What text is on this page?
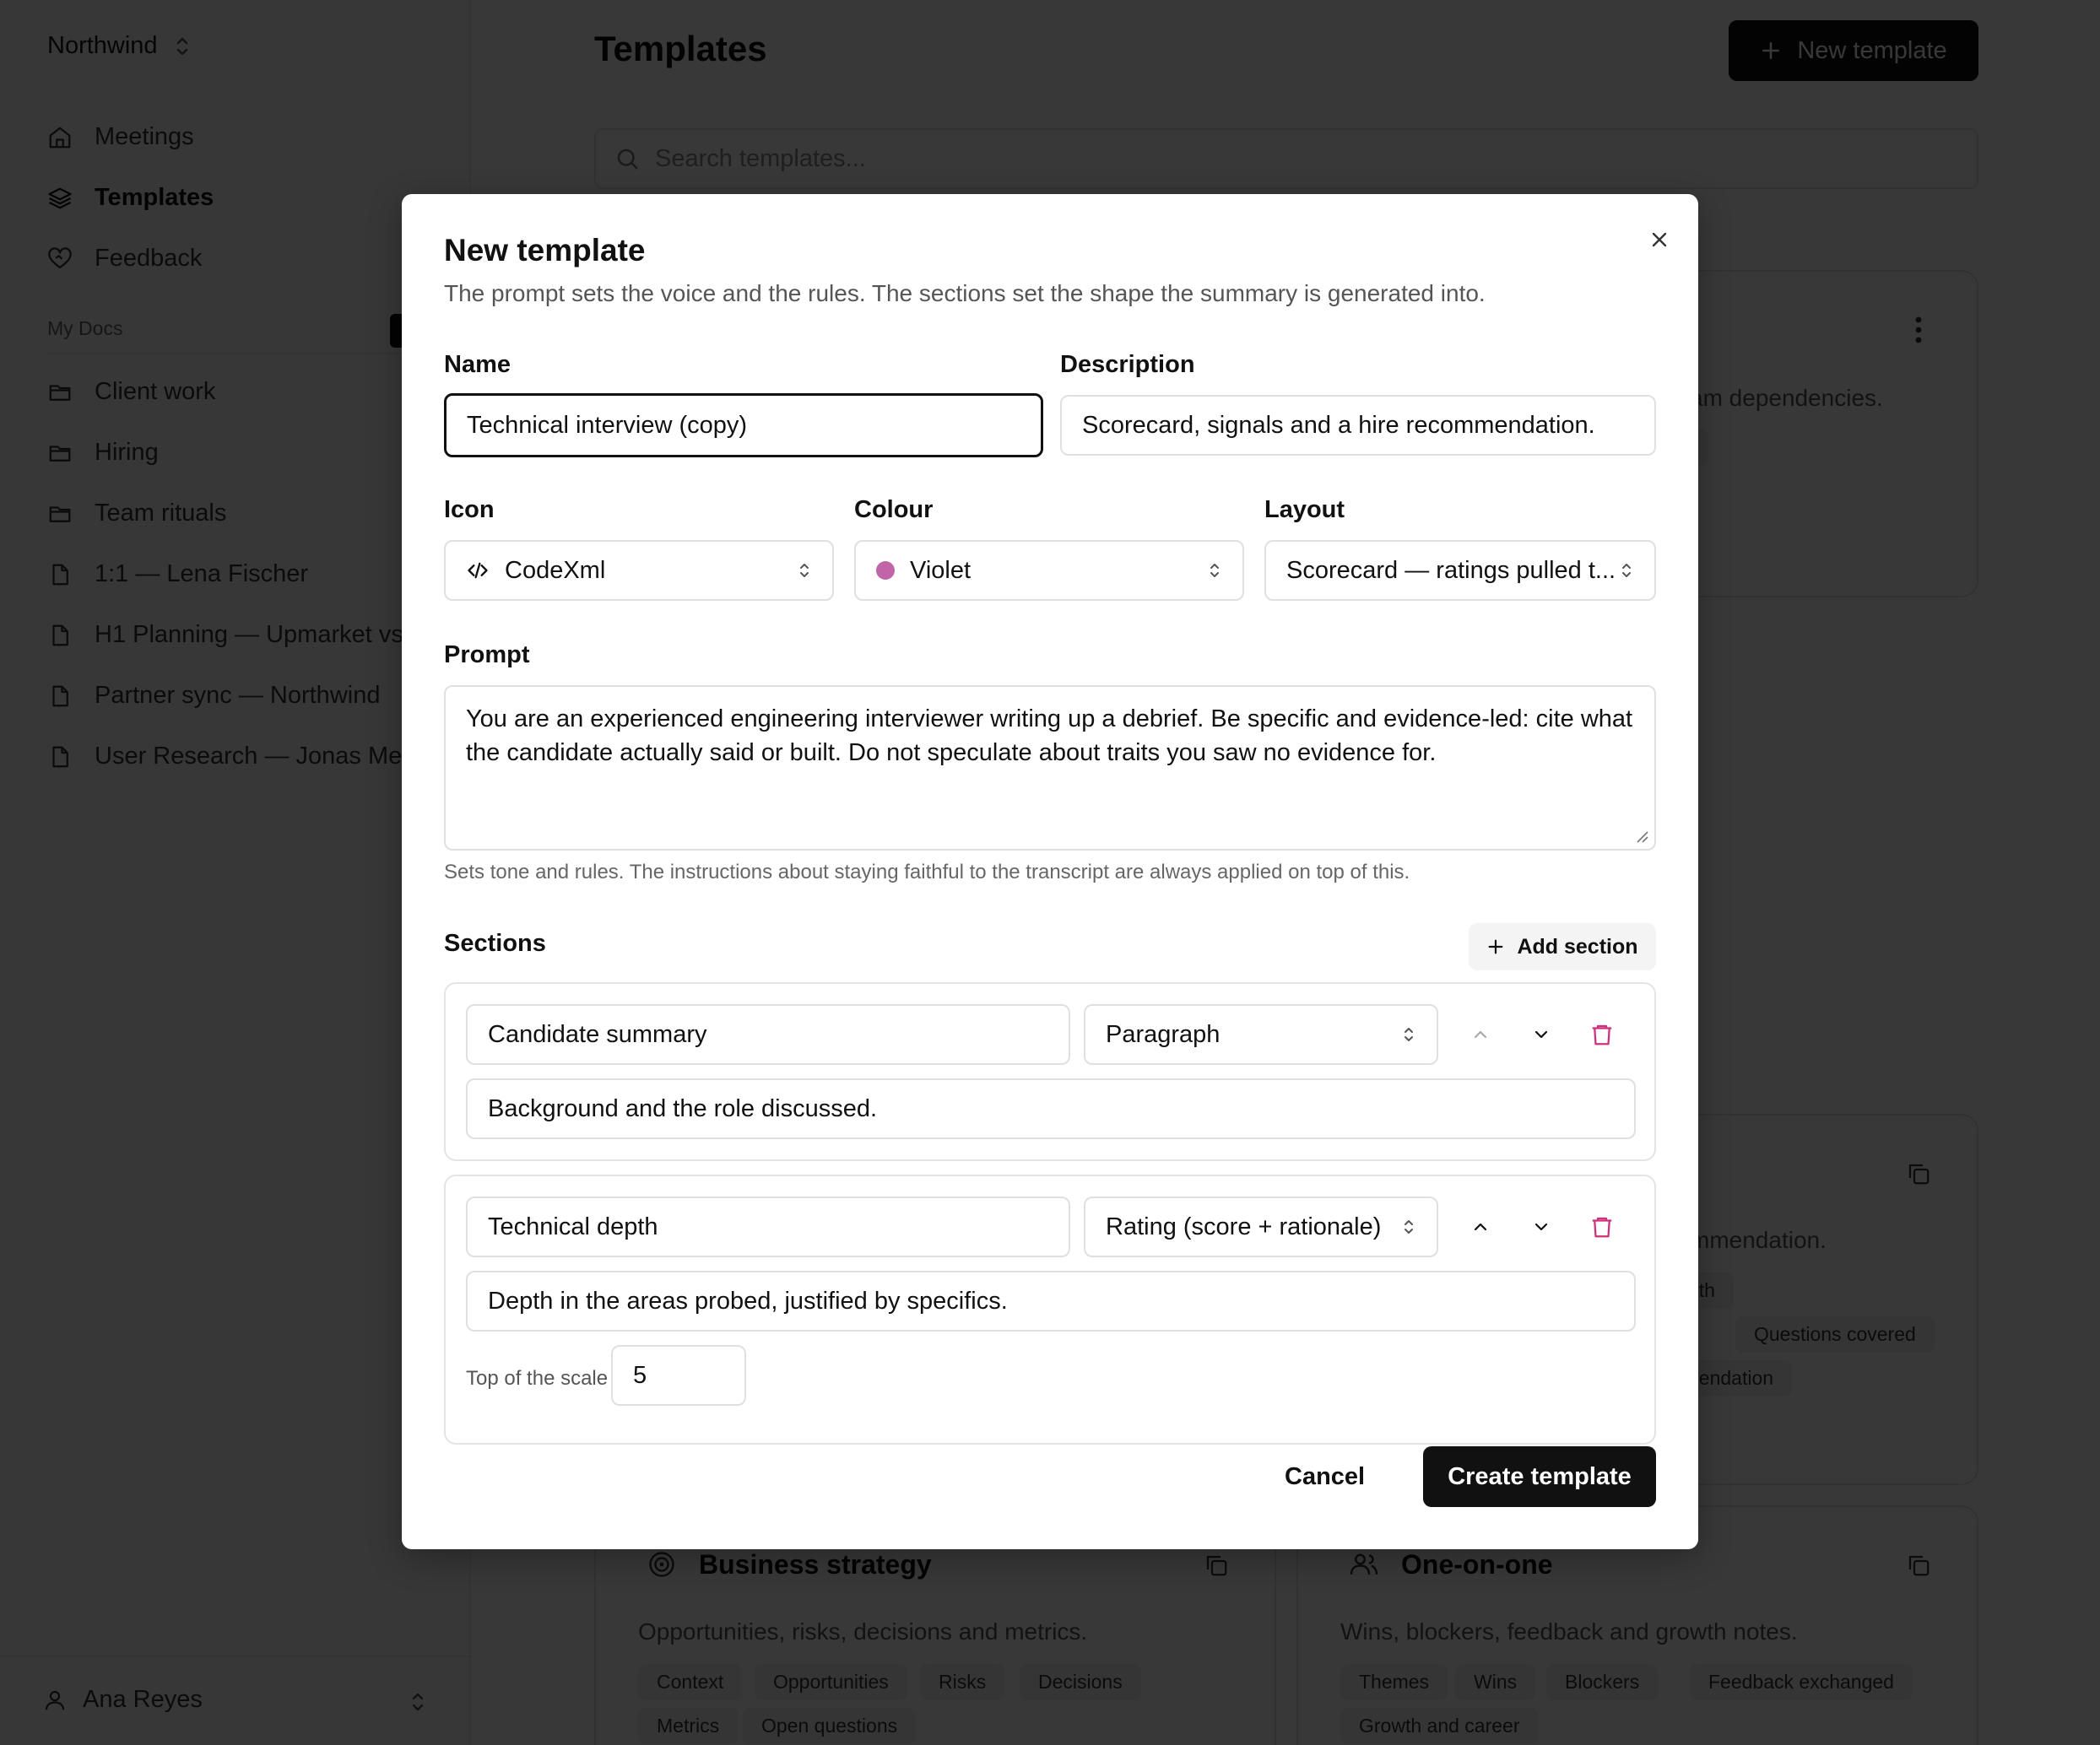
New template
The prompt sets the voice and the rules. The sections set the shape the summary is generated into.
Name
Technical interview (copy)
Description
Scorecard, signals and a hire recommendation.
Icon
CodeXml
Colour
Violet
Layout
Scorecard — ratings pulled t...
Prompt
You are an experienced engineering interviewer writing up a debrief. Be specific and evidence-led: cite what the candidate actually said or built. Do not speculate about traits you saw no evidence for.
Sets tone and rules. The instructions about staying faithful to the transcript are always applied on top of this.
Sections	Add section
Candidate summary	Paragraph
Background and the role discussed.
Technical depth	Rating (score + rationale)
Depth in the areas probed, justified by specifics.
Top of the scale	5
Cancel	Create template
